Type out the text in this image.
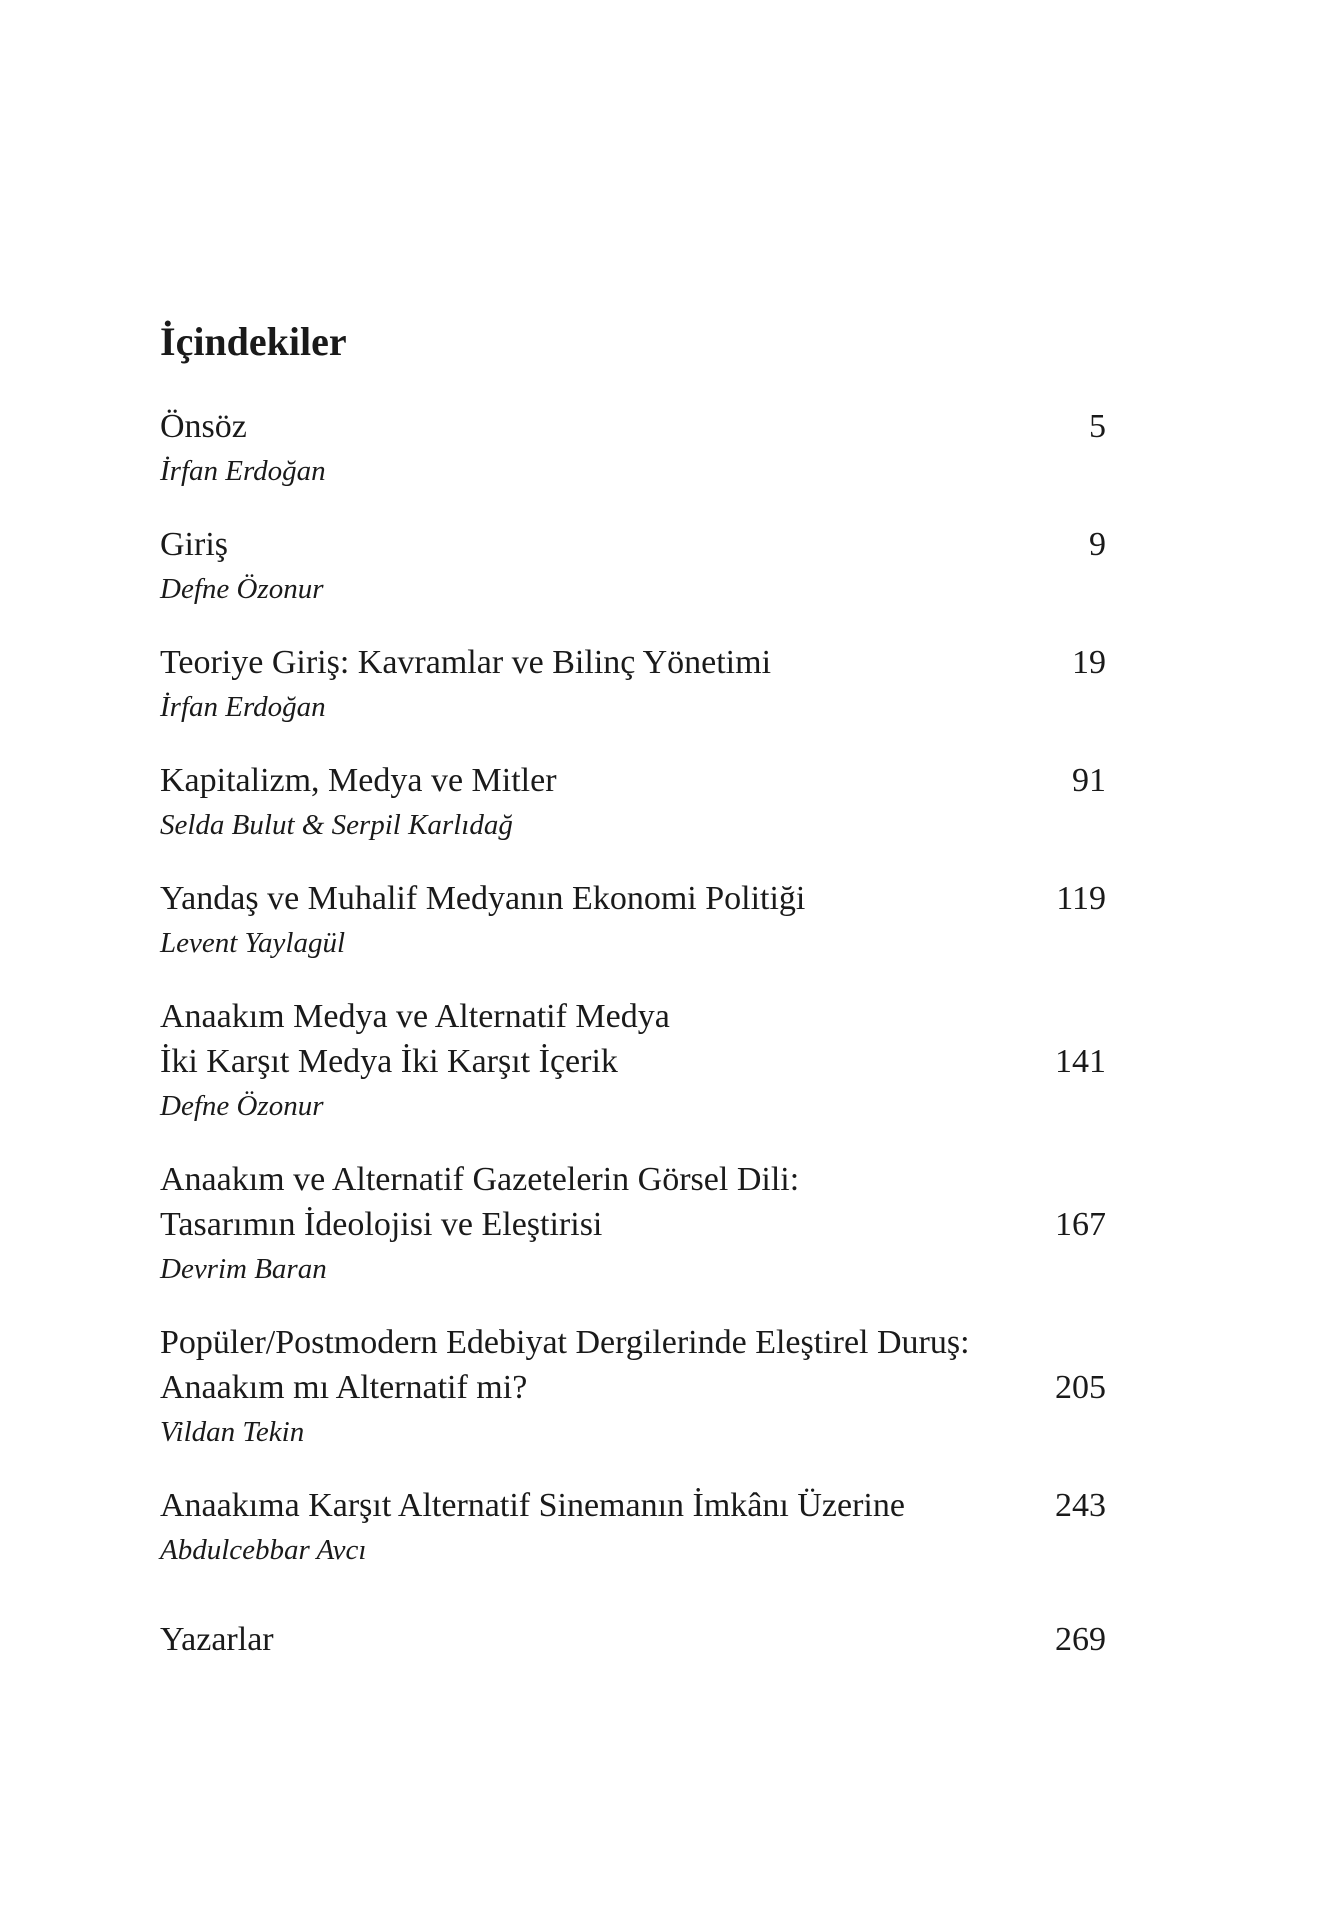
İçindekiler
Önsöz	5
İrfan Erdoğan
Giriş	9
Defne Özonur
Teoriye Giriş: Kavramlar ve Bilinç Yönetimi	19
İrfan Erdoğan
Kapitalizm, Medya ve Mitler	91
Selda Bulut & Serpil Karlıdağ
Yandaş ve Muhalif Medyanın Ekonomi Politiği	119
Levent Yaylagül
Anaakım Medya ve Alternatif Medya
İki Karşıt Medya İki Karşıt İçerik	141
Defne Özonur
Anaakım ve Alternatif Gazetelerin Görsel Dili:
Tasarımın İdeolojisi ve Eleştirisi	167
Devrim Baran
Popüler/Postmodern Edebiyat Dergilerinde Eleştirel Duruş:
Anaakım mı Alternatif mi?	205
Vildan Tekin
Anaakıma Karşıt Alternatif Sinemanın İmkânı Üzerine	243
Abdulcebbar Avcı
Yazarlar	269
